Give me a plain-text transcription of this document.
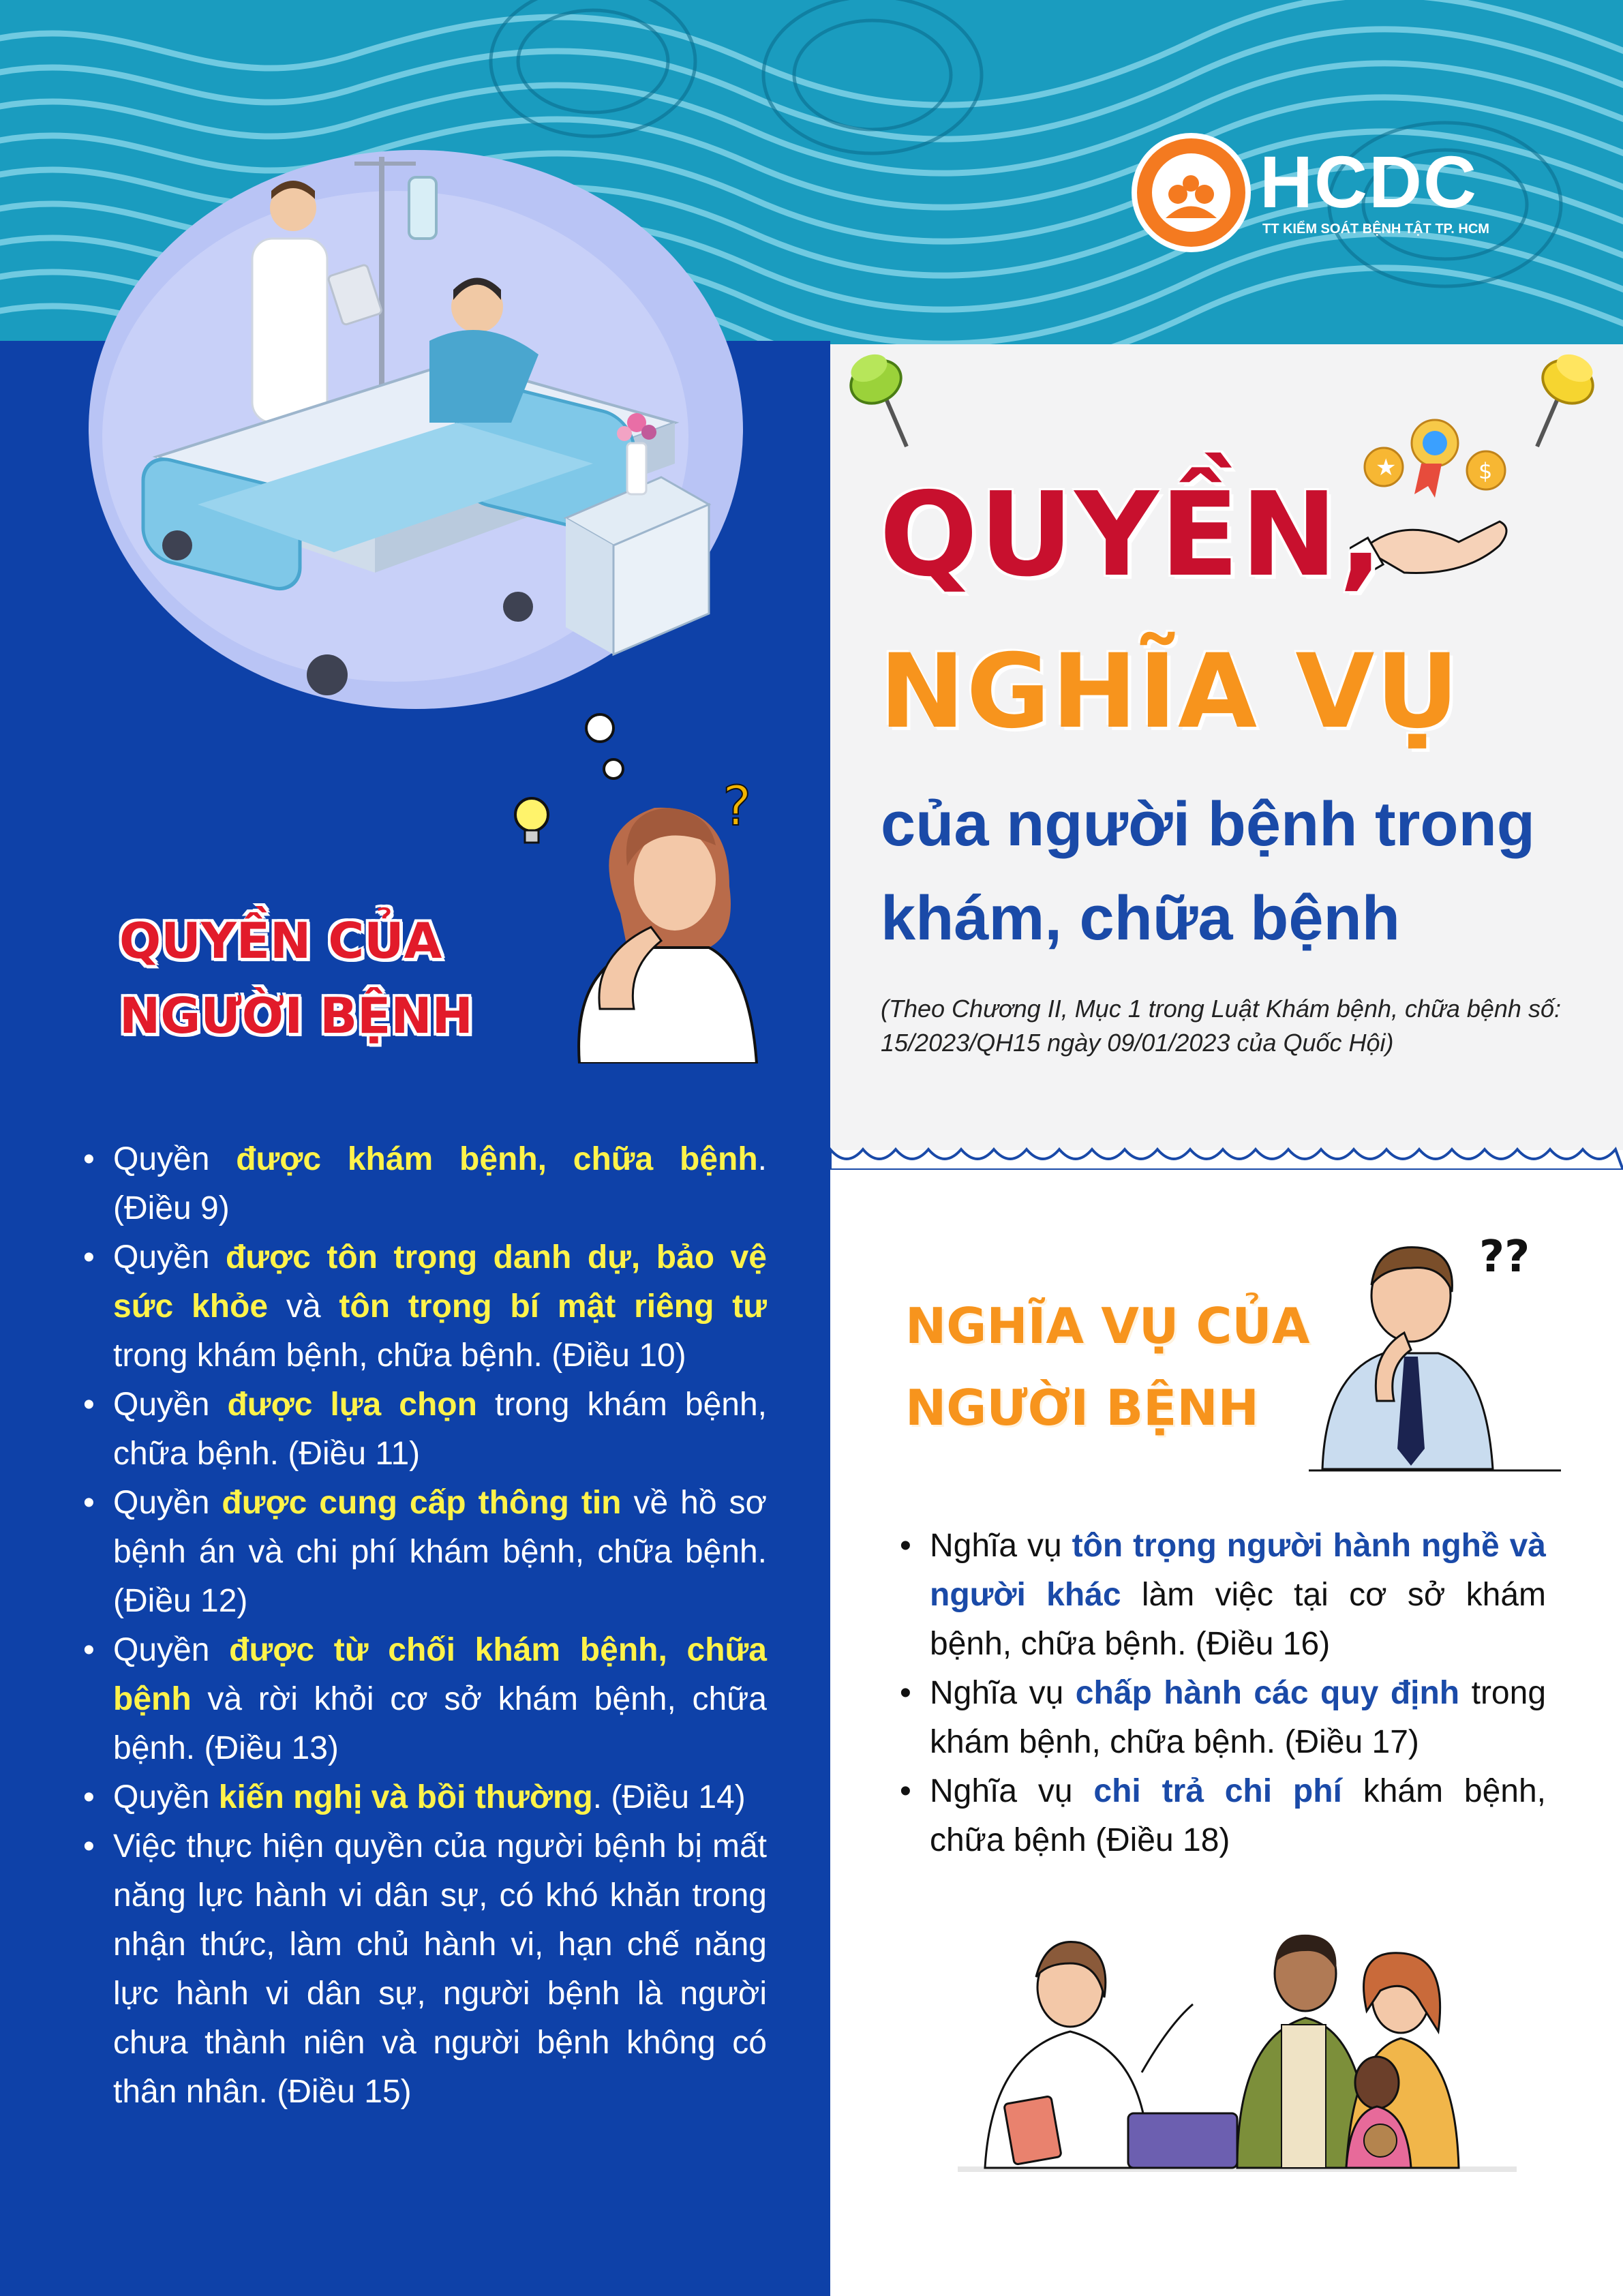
?
QUYỀN CỦA
NGƯỜI BỆNH
• Quyền được khám bệnh, chữa bệnh. (Điều 9)
• Quyền được tôn trọng danh dự, bảo vệ sức khỏe và tôn trọng bí mật riêng tư trong khám bệnh, chữa bệnh. (Điều 10)
• Quyền được lựa chọn trong khám bệnh, chữa bệnh. (Điều 11)
• Quyền được cung cấp thông tin về hồ sơ bệnh án và chi phí khám bệnh, chữa bệnh. (Điều 12)
• Quyền được từ chối khám bệnh, chữa bệnh và rời khỏi cơ sở khám bệnh, chữa bệnh. (Điều 13)
• Quyền kiến nghị và bồi thường. (Điều 14)
• Việc thực hiện quyền của người bệnh bị mất năng lực hành vi dân sự, có khó khăn trong nhận thức, làm chủ hành vi, hạn chế năng lực hành vi dân sự, người bệnh là người chưa thành niên và người bệnh không có thân nhân. (Điều 15)
★	$
HCDC
TT KIỂM SOÁT BỆNH TẬT TP. HCM
QUYỀN,
NGHĨA VỤ
của người bệnh trong khám, chữa bệnh
(Theo Chương II, Mục 1 trong Luật Khám bệnh, chữa bệnh số: 15/2023/QH15 ngày 09/01/2023 của Quốc Hội)
??
NGHĨA VỤ CỦA
NGƯỜI BỆNH
• Nghĩa vụ tôn trọng người hành nghề và người khác làm việc tại cơ sở khám bệnh, chữa bệnh. (Điều 16)
• Nghĩa vụ chấp hành các quy định trong khám bệnh, chữa bệnh. (Điều 17)
• Nghĩa vụ chi trả chi phí khám bệnh, chữa bệnh (Điều 18)
